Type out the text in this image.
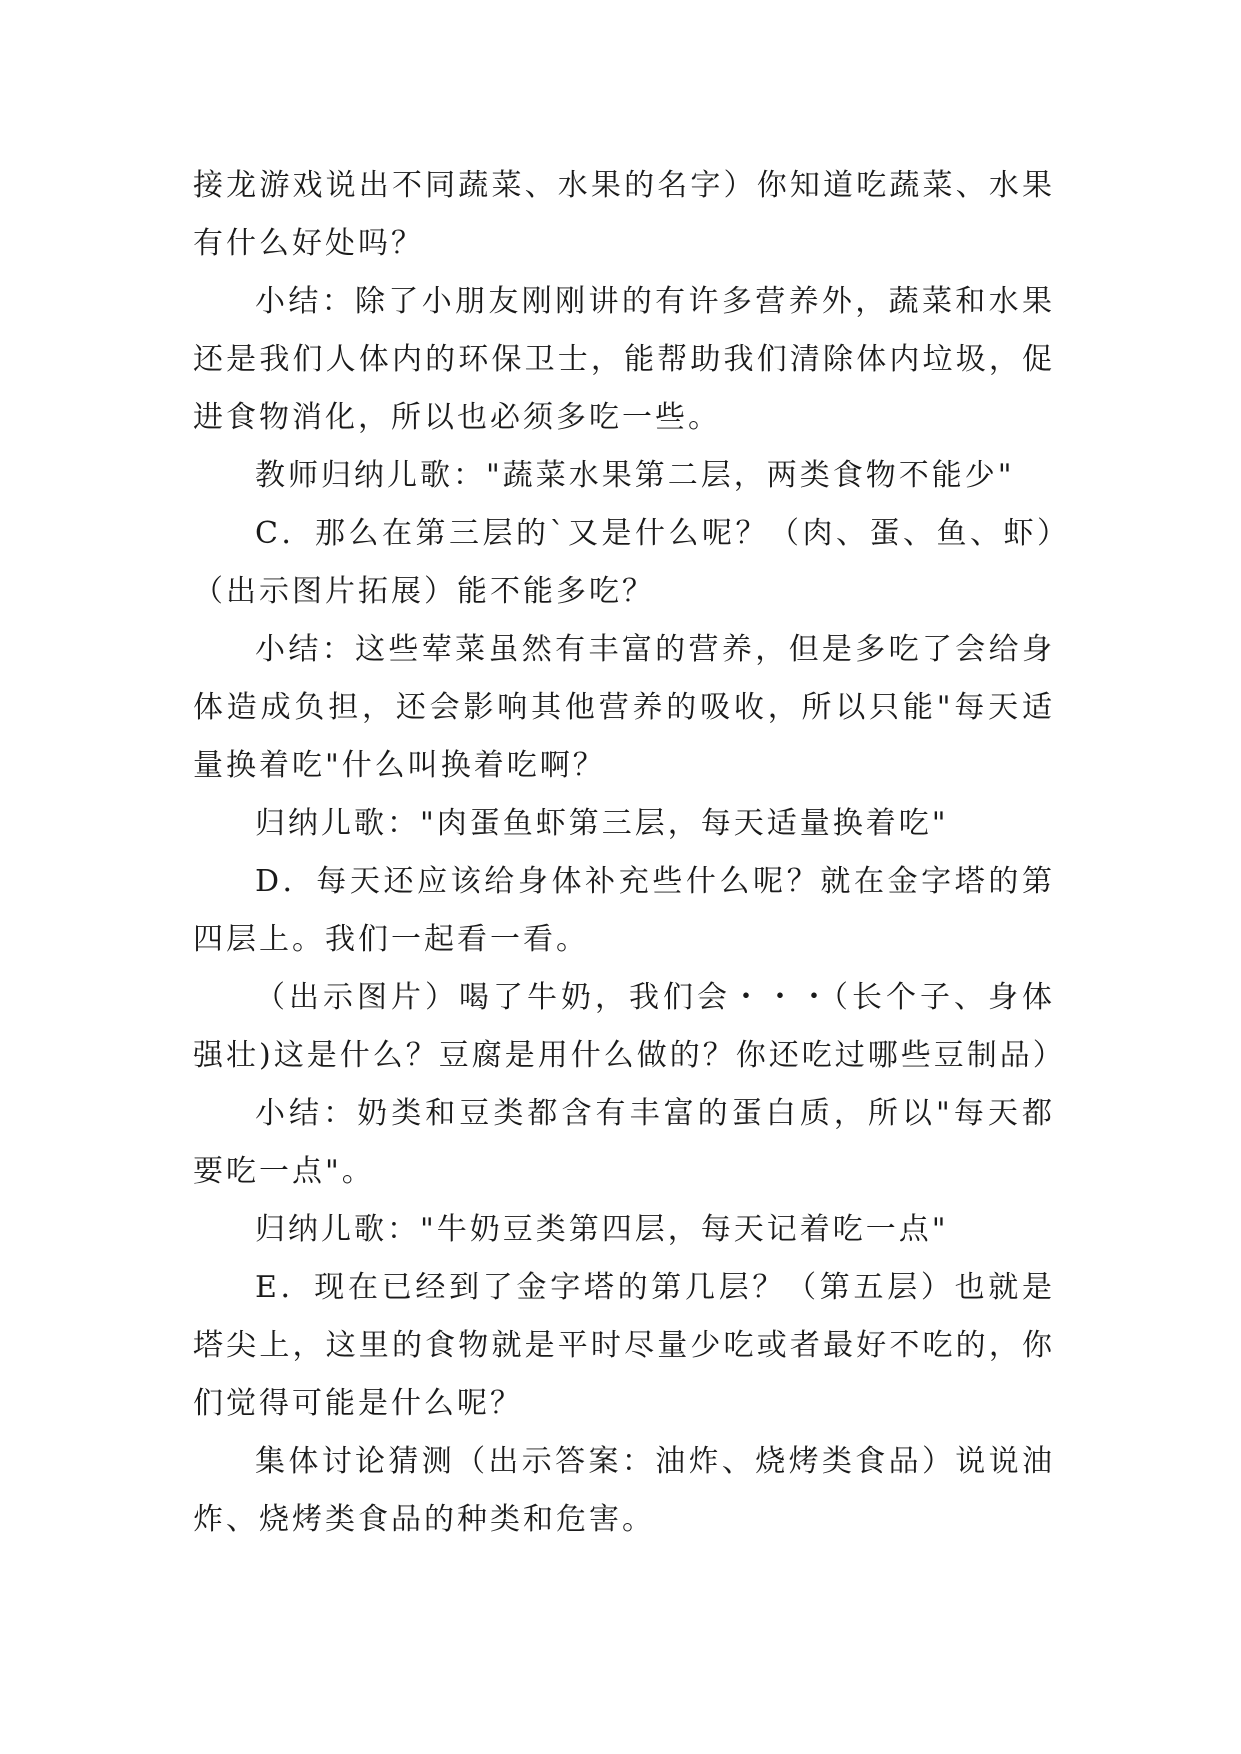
接龙游戏说出不同蔬菜、水果的名字）你知道吃蔬菜、水果有什么好处吗？

小结：除了小朋友刚刚讲的有许多营养外，蔬菜和水果还是我们人体内的环保卫士，能帮助我们清除体内垃圾，促进食物消化，所以也必须多吃一些。

教师归纳儿歌："蔬菜水果第二层，两类食物不能少"

C．那么在第三层的`又是什么呢？（肉、蛋、鱼、虾）（出示图片拓展）能不能多吃？

小结：这些荤菜虽然有丰富的营养，但是多吃了会给身体造成负担，还会影响其他营养的吸收，所以只能"每天适量换着吃"什么叫换着吃啊？

归纳儿歌："肉蛋鱼虾第三层，每天适量换着吃"

D．每天还应该给身体补充些什么呢？就在金字塔的第四层上。我们一起看一看。

（出示图片）喝了牛奶，我们会・・・（长个子、身体强壮)这是什么？豆腐是用什么做的？你还吃过哪些豆制品）

小结：奶类和豆类都含有丰富的蛋白质，所以"每天都要吃一点"。

归纳儿歌："牛奶豆类第四层，每天记着吃一点"

E．现在已经到了金字塔的第几层？（第五层）也就是塔尖上，这里的食物就是平时尽量少吃或者最好不吃的，你们觉得可能是什么呢？

集体讨论猜测（出示答案：油炸、烧烤类食品）说说油炸、烧烤类食品的种类和危害。
